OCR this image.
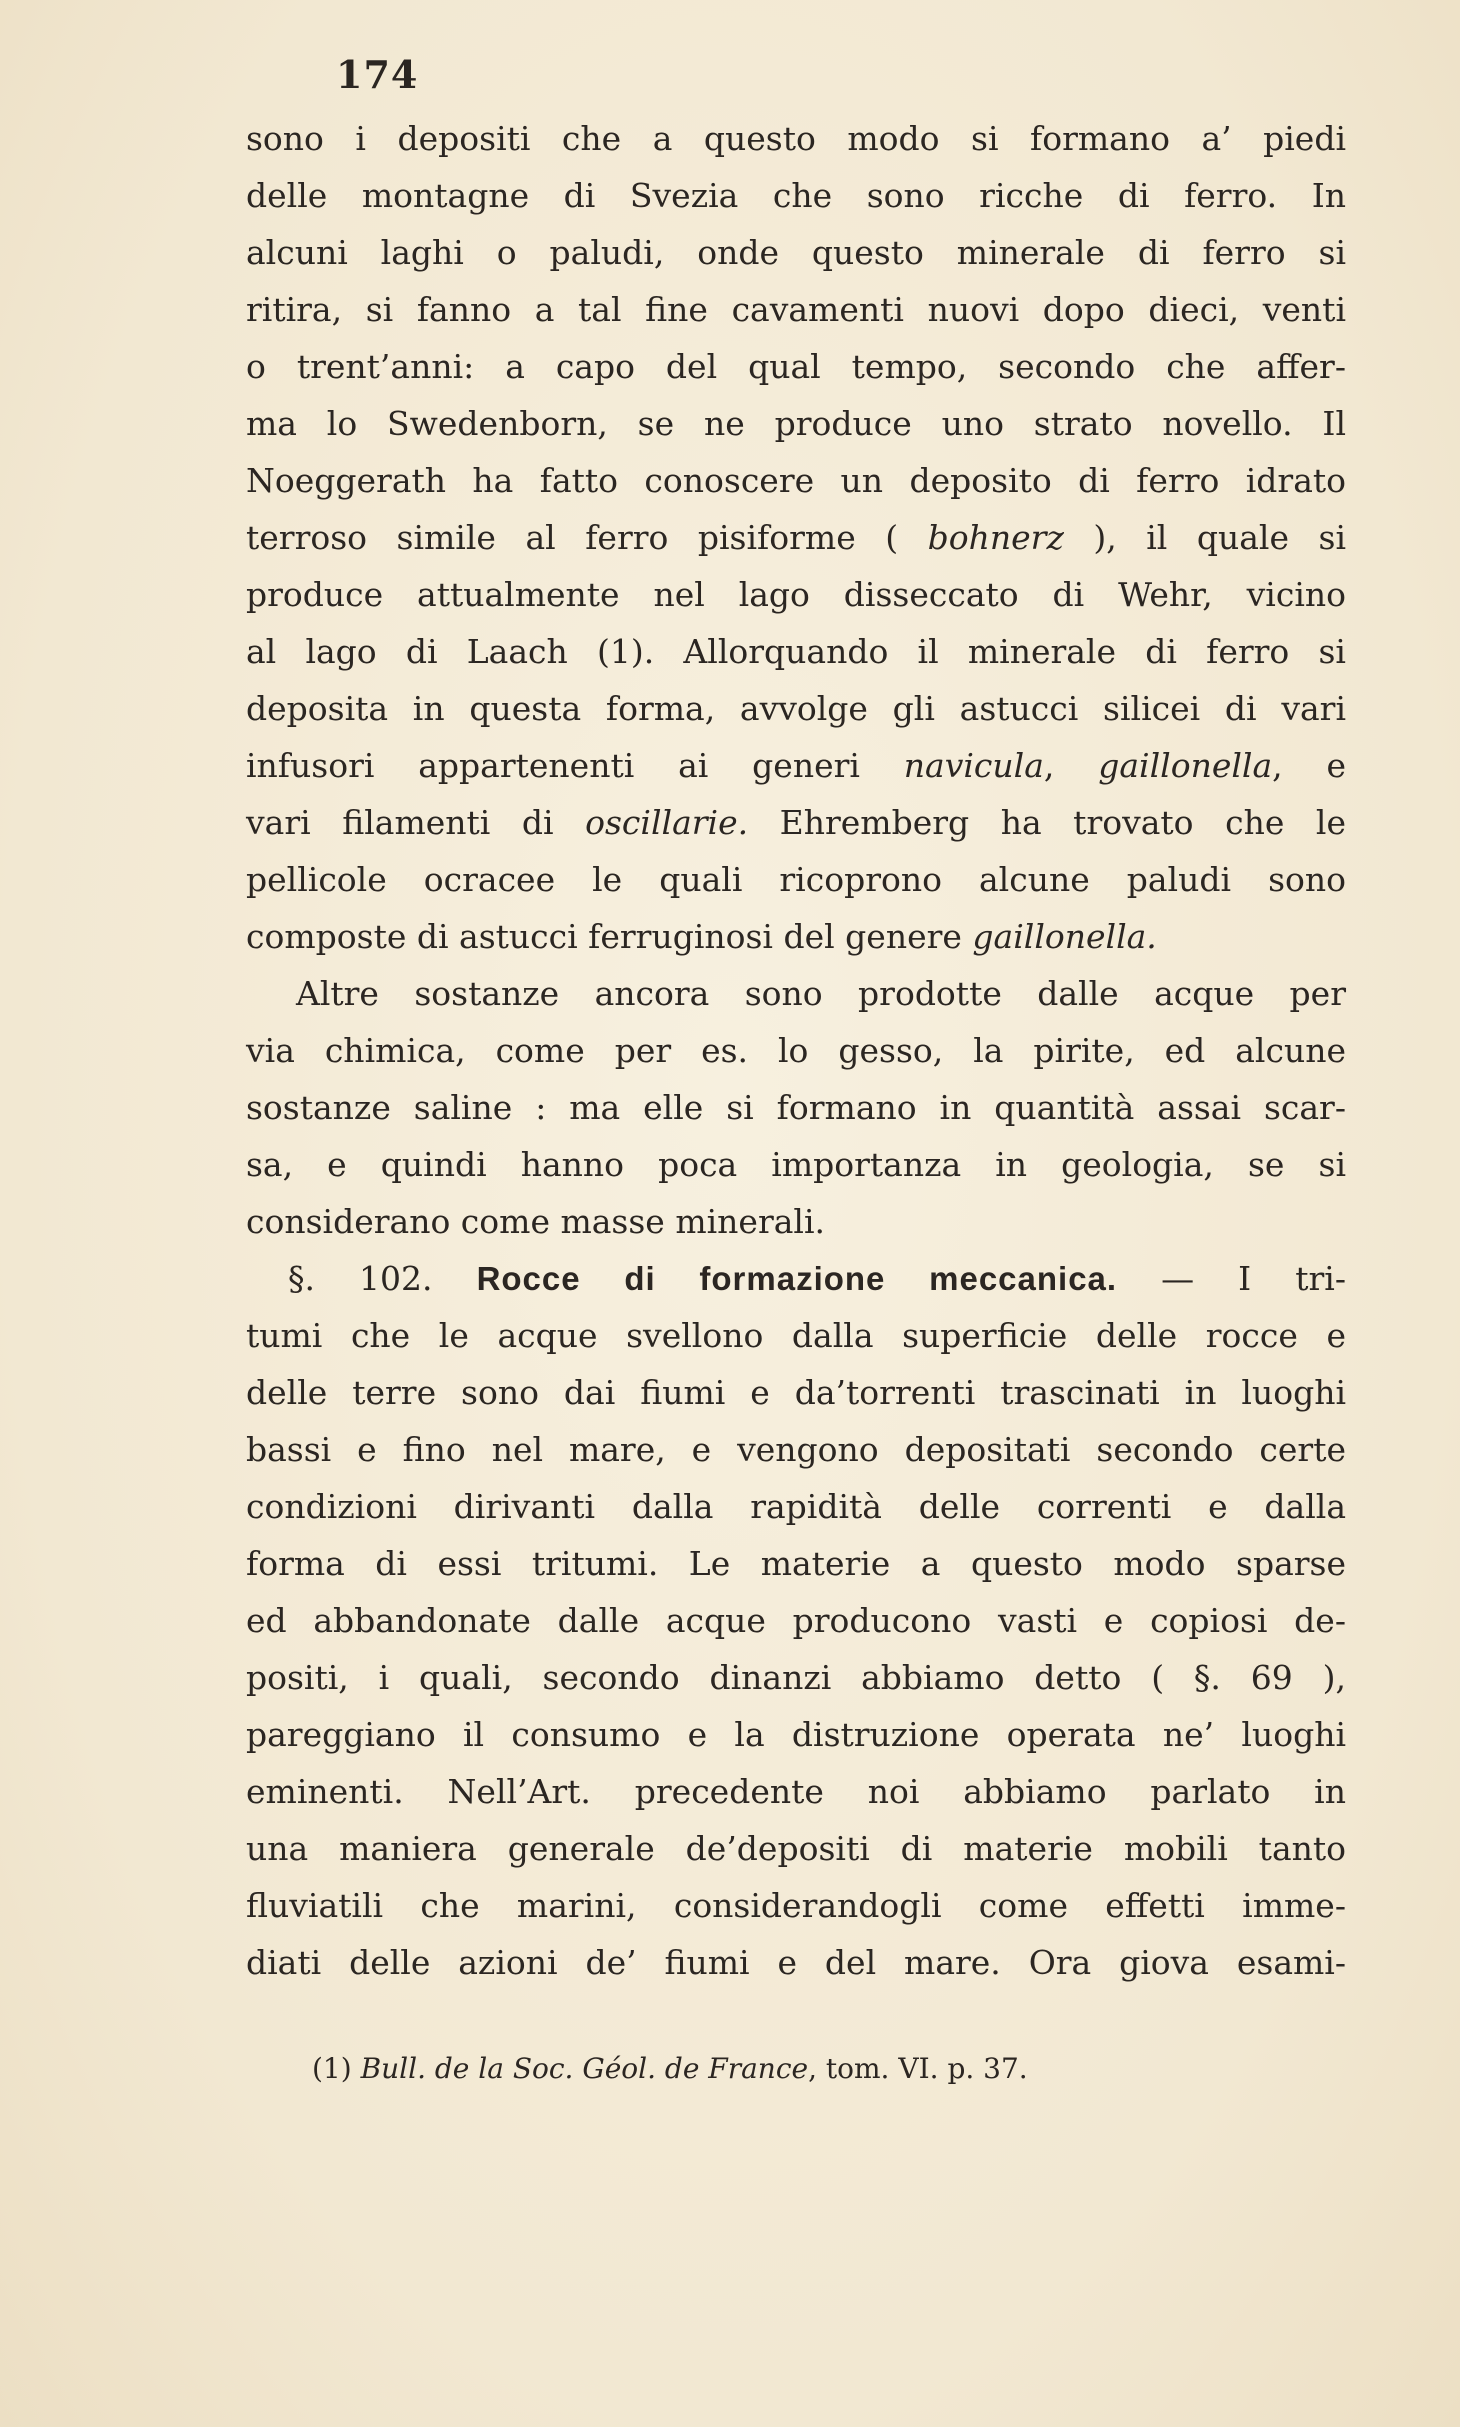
174
sono i depositi che a questo modo si formano a’ piedi
delle montagne di Svezia che sono ricche di ferro. In
alcuni laghi o paludi, onde questo minerale di ferro si
ritira, si fanno a tal fine cavamenti nuovi dopo dieci, venti
o trent’anni: a capo del qual tempo, secondo che affer-
ma lo Swedenborn, se ne produce uno strato novello. Il
Noeggerath ha fatto conoscere un deposito di ferro idrato
terroso simile al ferro pisiforme ( bohnerz ), il quale si
produce attualmente nel lago disseccato di Wehr, vicino
al lago di Laach (1). Allorquando il minerale di ferro si
deposita in questa forma, avvolge gli astucci silicei di vari
infusori appartenenti ai generi navicula, gaillonella, e
vari filamenti di oscillarie. Ehremberg ha trovato che le
pellicole ocracee le quali ricoprono alcune paludi sono
composte di astucci ferruginosi del genere gaillonella.
Altre sostanze ancora sono prodotte dalle acque per
via chimica, come per es. lo gesso, la pirite, ed alcune
sostanze saline : ma elle si formano in quantità assai scar-
sa, e quindi hanno poca importanza in geologia, se si
considerano come masse minerali.
§. 102. Rocce di formazione meccanica. — I tri-
tumi che le acque svellono dalla superficie delle rocce e
delle terre sono dai fiumi e da’torrenti trascinati in luoghi
bassi e fino nel mare, e vengono depositati secondo certe
condizioni dirivanti dalla rapidità delle correnti e dalla
forma di essi tritumi. Le materie a questo modo sparse
ed abbandonate dalle acque producono vasti e copiosi de-
positi, i quali, secondo dinanzi abbiamo detto ( §. 69 ),
pareggiano il consumo e la distruzione operata ne’ luoghi
eminenti. Nell’Art. precedente noi abbiamo parlato in
una maniera generale de’depositi di materie mobili tanto
fluviatili che marini, considerandogli come effetti imme-
diati delle azioni de’ fiumi e del mare. Ora giova esami-
(1) Bull. de la Soc. Géol. de France, tom. VI. p. 37.
